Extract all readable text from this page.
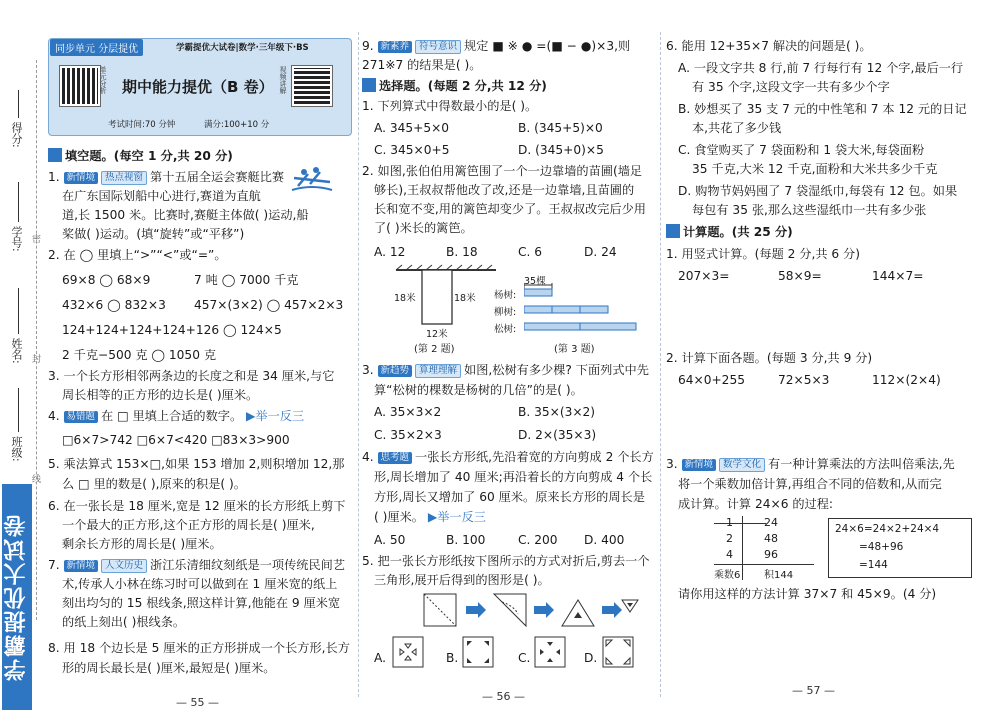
得分:
学号: 密
姓名: 封
班级:
线
学霸提优大试卷
同步单元 分层提优	学霸提优大试卷|数学·三年级下·BS
单元分析 期中能力提优（B 卷） 视频讲解
考试时间:70 分钟	满分:100+10 分
填空题。(每空 1 分,共 20 分)
1. 新情境 热点视窗 第十五届全运会赛艇比赛
在广东国际划船中心进行,赛道为直航
道,长 1500 米。比赛时,赛艇主体做( )运动,船
桨做( )运动。(填“旋转”或“平移”)
2. 在 ◯ 里填上“>”“<”或“=”。
69×8 ◯ 68×9	7 吨 ◯ 7000 千克
432×6 ◯ 832×3 457×(3×2) ◯ 457×2×3
124+124+124+124+126 ◯ 124×5
2 千克−500 克 ◯ 1050 克
3. 一个长方形相邻两条边的长度之和是 34 厘米,与它
周长相等的正方形的边长是( )厘米。
4. 易错题 在 □ 里填上合适的数字。 ▶举一反三
□6×7>742 □6×7<420 □83×3>900
5. 乘法算式 153×□,如果 153 增加 2,则积增加 12,那
么 □ 里的数是( ),原来的积是( )。
6. 在一张长是 18 厘米,宽是 12 厘米的长方形纸上剪下
一个最大的正方形,这个正方形的周长是( )厘米,
剩余长方形的周长是( )厘米。
7. 新情境 人文历史 浙江乐清细纹刻纸是一项传统民间艺
术,传承人小林在练习时可以做到在 1 厘米宽的纸上
刻出均匀的 15 根线条,照这样计算,他能在 9 厘米宽
的纸上刻出( )根线条。
8. 用 18 个边长是 5 厘米的正方形拼成一个长方形,长方
形的周长最长是( )厘米,最短是( )厘米。
— 55 —
9. 新素养 符号意识 规定 ■ ※ ● =(■ − ●)×3,则
271※7 的结果是( )。
选择题。(每题 2 分,共 12 分)
1. 下列算式中得数最小的是( )。
A. 345+5×0	B. (345+5)×0
C. 345×0+5	D. (345+0)×5
2. 如图,张伯伯用篱笆围了一个一边靠墙的苗圃(墙足
够长),王叔叔帮他改了改,还是一边靠墙,且苗圃的
长和宽不变,用的篱笆却变少了。王叔叔改完后少用
了( )米长的篱笆。
A. 12	B. 18	C. 6	D. 24
18米	18米
12米
(第 2 题)
35棵
杨树:
柳树:
松树:
(第 3 题)
3. 新趋势 算理理解 如图,松树有多少棵? 下面列式中先
算“松树的棵数是杨树的几倍”的是( )。
A. 35×3×2	B. 35×(3×2)
C. 35×2×3	D. 2×(35×3)
4. 思考题 一张长方形纸,先沿着宽的方向剪成 2 个长方
形,周长增加了 40 厘米;再沿着长的方向剪成 4 个长
方形,周长又增加了 60 厘米。原来长方形的周长是
( )厘米。 ▶举一反三
A. 50	B. 100	C. 200 D. 400
5. 把一张长方形纸按下图所示的方式对折后,剪去一个
三角形,展开后得到的图形是( )。
A.	B.	C.	D.
— 56 —
6. 能用 12+35×7 解决的问题是( )。
A. 一段文字共 8 行,前 7 行每行有 12 个字,最后一行
有 35 个字,这段文字一共有多少个字
B. 妙想买了 35 支 7 元的中性笔和 7 本 12 元的日记
本,共花了多少钱
C. 食堂购买了 7 袋面粉和 1 袋大米,每袋面粉
35 千克,大米 12 千克,面粉和大米共多少千克
D. 购物节妈妈囤了 7 袋湿纸巾,每袋有 12 包。如果
每包有 35 张,那么这些湿纸巾一共有多少张
计算题。(共 25 分)
1. 用竖式计算。(每题 2 分,共 6 分)
207×3=	58×9=	144×7=
2. 计算下面各题。(每题 3 分,共 9 分)
64×0+255	72×5×3	112×(2×4)
3. 新情境 数学文化 有一种计算乘法的方法叫倍乘法,先
将一个乘数加倍计算,再组合不同的倍数和,从而完
成计算。计算 24×6 的过程:
1	24
2	48
4	96
乘数6 积144
24×6=24×2+24×4
=48+96
=144
请你用这样的方法计算 37×7 和 45×9。(4 分)
— 57 —
